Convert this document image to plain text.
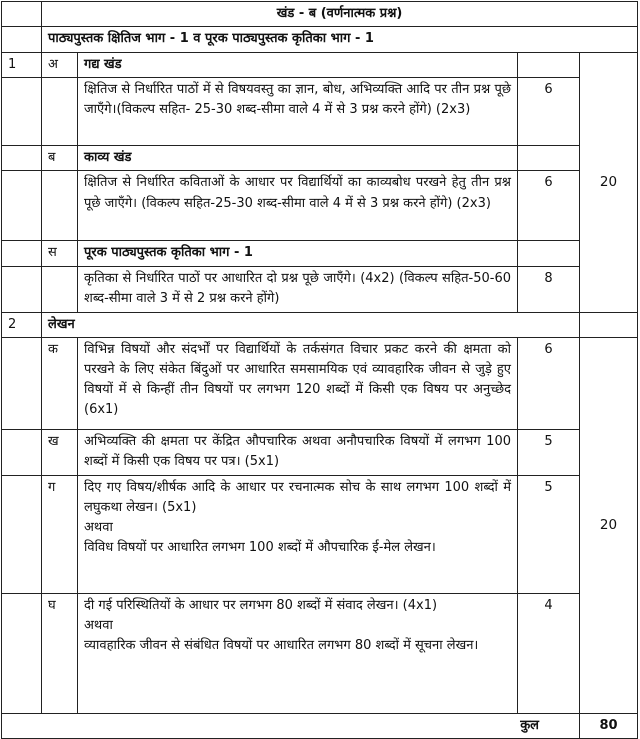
	खंड - ब (वर्णनात्मक प्रश्न)			
	पाठ्यपुस्तक क्षितिज भाग - 1 व पूरक पाठ्यपुस्तक कृतिका भाग - 1			
1	अ	गद्य खंड		20
		क्षितिज से निर्धारित पाठों में से विषयवस्तु का ज्ञान, बोध, अभिव्यक्ति आदि पर तीन प्रश्न पूछे जाएँगे।(विकल्प सहित- 25-30 शब्द-सीमा वाले 4 में से 3 प्रश्न करने होंगे) (2x3)	6	
	ब	काव्य खंड		
		क्षितिज से निर्धारित कविताओं के आधार पर विद्यार्थियों का काव्यबोध परखने हेतु तीन प्रश्न पूछे जाएँगे। (विकल्प सहित-25-30 शब्द-सीमा वाले 4 में से 3 प्रश्न करने होंगे) (2x3)	6	
	स	पूरक पाठ्यपुस्तक कृतिका भाग - 1		
		कृतिका से निर्धारित पाठों पर आधारित दो प्रश्न पूछे जाएँगे। (4x2) (विकल्प सहित-50-60 शब्द-सीमा वाले 3 में से 2 प्रश्न करने होंगे)	8	
2	लेखन			
	क	विभिन्न विषयों और संदर्भों पर विद्यार्थियों के तर्कसंगत विचार प्रकट करने की क्षमता को परखने के लिए संकेत बिंदुओं पर आधारित समसामयिक एवं व्यावहारिक जीवन से जुड़े हुए विषयों में से किन्हीं तीन विषयों पर लगभग 120 शब्दों में किसी एक विषय पर अनुच्छेद (6x1)	6	20
	ख	अभिव्यक्ति की क्षमता पर केंद्रित औपचारिक अथवा अनौपचारिक विषयों में लगभग 100 शब्दों में किसी एक विषय पर पत्र। (5x1)	5	
	ग	दिए गए विषय/शीर्षक आदि के आधार पर रचनात्मक सोच के साथ लगभग 100 शब्दों में लघुकथा लेखन। (5x1)
अथवा
विविध विषयों पर आधारित लगभग 100 शब्दों में औपचारिक ई-मेल लेखन।	5	
	घ	दी गई परिस्थितियों के आधार पर लगभग 80 शब्दों में संवाद लेखन। (4x1)
अथवा
व्यावहारिक जीवन से संबंधित विषयों पर आधारित लगभग 80 शब्दों में सूचना लेखन।	4	
कुल				80
